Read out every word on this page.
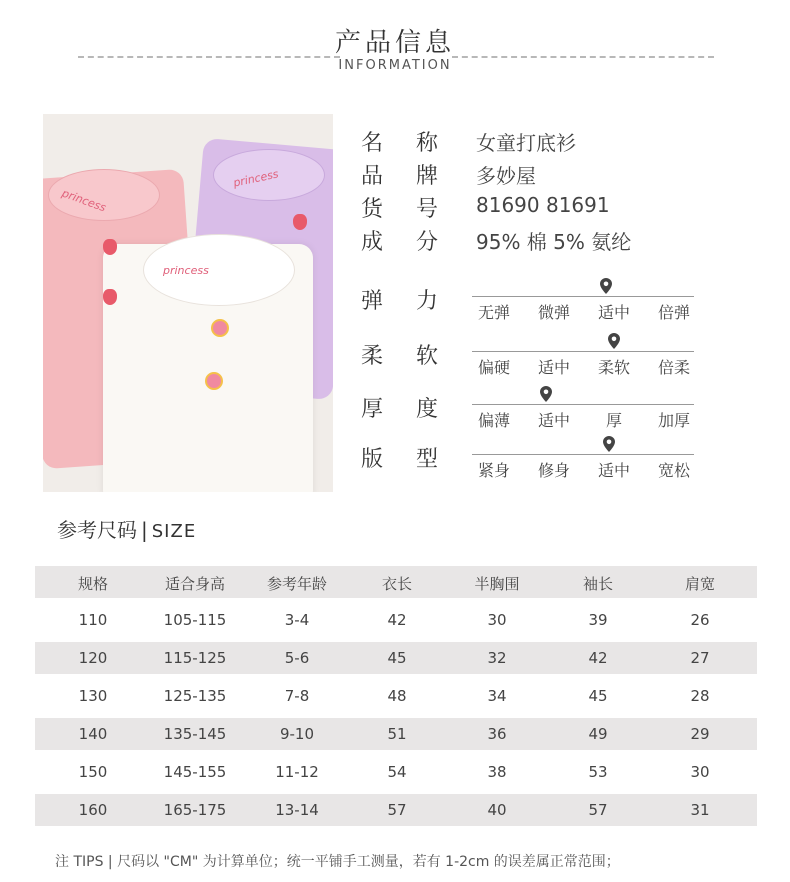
产品信息
INFORMATION
princess
princess
princess
名 称 女童打底衫
品 牌 多妙屋
货 号 81690 81691
成 分 95% 棉 5% 氨纶
弹 力	无弹	微弹	适中	倍弹
柔 软	偏硬	适中	柔软	倍柔
厚 度	偏薄	适中	厚	加厚
版 型	紧身	修身	适中	宽松
参考尺码 | SIZE
规格	适合身高	参考年龄	衣长	半胸围	袖长	肩宽
110	105-115	3-4	42	30	39	26
120	115-125	5-6	45	32	42	27
130	125-135	7-8	48	34	45	28
140	135-145	9-10	51	36	49	29
150	145-155	11-12	54	38	53	30
160	165-175	13-14	57	40	57	31
注 TIPS | 尺码以 "CM" 为计算单位；统一平铺手工测量，若有 1-2cm 的误差属正常范围；
